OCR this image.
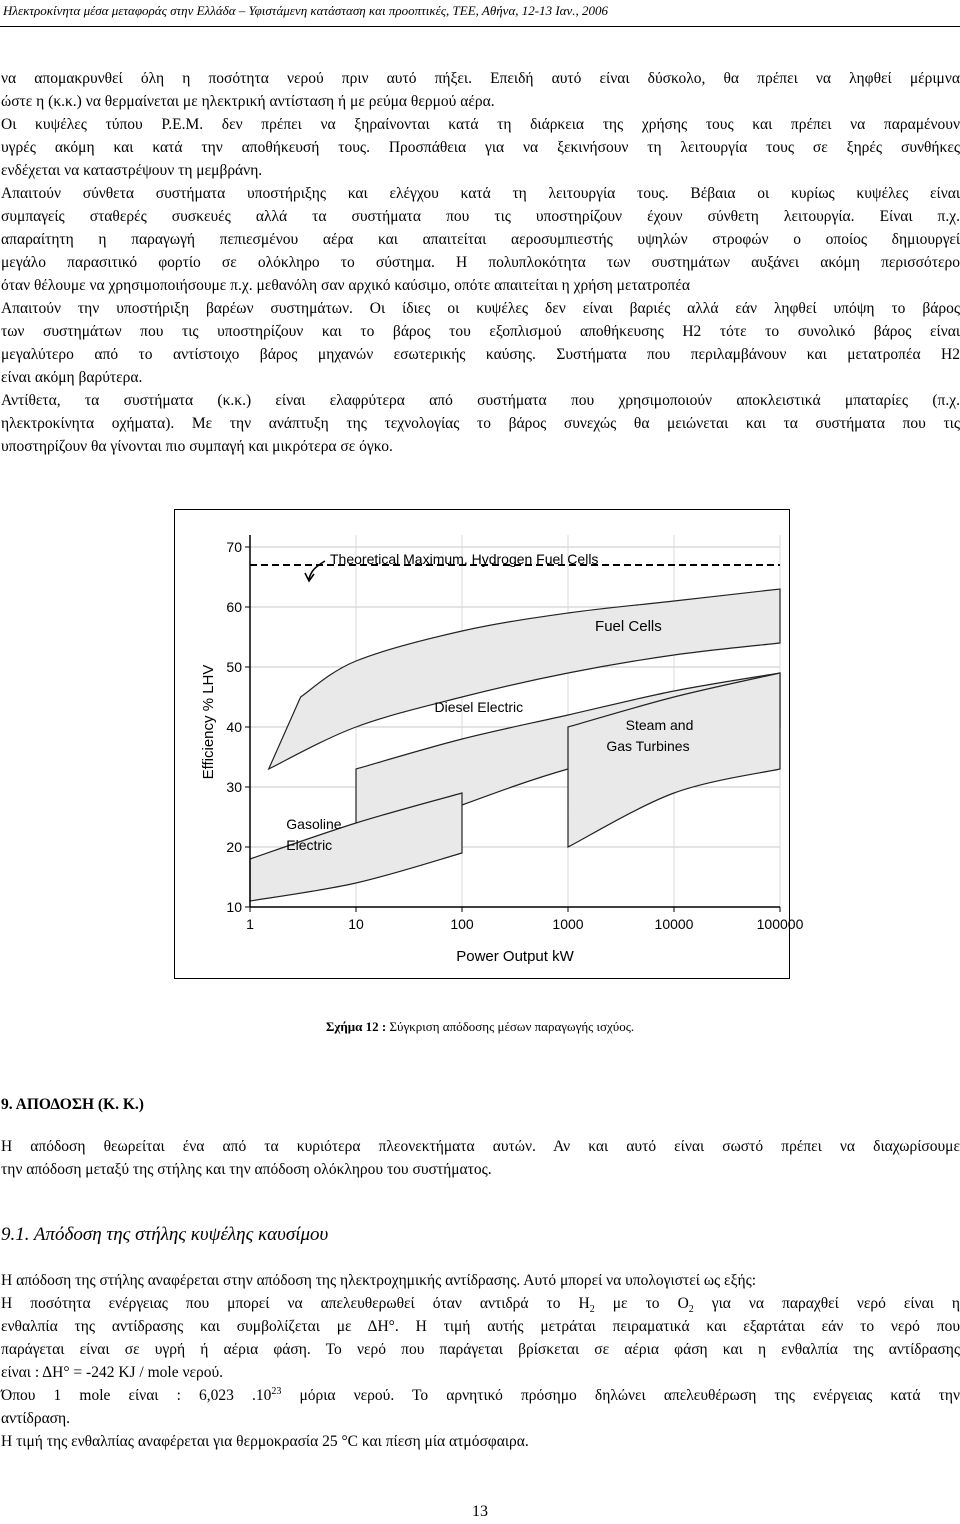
Ηλεκτροκίνητα μέσα μεταφοράς στην Ελλάδα – Υφιστάμενη κατάσταση και προοπτικές, ΤΕΕ, Αθήνα, 12-13 Ιαν., 2006
να απομακρυνθεί όλη η ποσότητα νερού πριν αυτό πήξει. Επειδή αυτό είναι δύσκολο, θα πρέπει να ληφθεί μέριμνα
ώστε η (κ.κ.) να θερμαίνεται με ηλεκτρική αντίσταση ή με ρεύμα θερμού αέρα.
Οι κυψέλες τύπου P.E.M. δεν πρέπει να ξηραίνονται κατά τη διάρκεια της χρήσης τους και πρέπει να παραμένουν
υγρές ακόμη και κατά την αποθήκευσή τους. Προσπάθεια για να ξεκινήσουν τη λειτουργία τους σε ξηρές συνθήκες
ενδέχεται να καταστρέψουν τη μεμβράνη.
Απαιτούν σύνθετα συστήματα υποστήριξης και ελέγχου κατά τη λειτουργία τους. Βέβαια οι κυρίως κυψέλες είναι
συμπαγείς σταθερές συσκευές αλλά τα συστήματα που τις υποστηρίζουν έχουν σύνθετη λειτουργία. Είναι π.χ.
απαραίτητη η παραγωγή πεπιεσμένου αέρα και απαιτείται αεροσυμπιεστής υψηλών στροφών ο οποίος δημιουργεί
μεγάλο παρασιτικό φορτίο σε ολόκληρο το σύστημα. Η πολυπλοκότητα των συστημάτων αυξάνει ακόμη περισσότερο
όταν θέλουμε να χρησιμοποιήσουμε π.χ. μεθανόλη σαν αρχικό καύσιμο, οπότε απαιτείται η χρήση μετατροπέα
Απαιτούν την υποστήριξη βαρέων συστημάτων. Οι ίδιες οι κυψέλες δεν είναι βαριές αλλά εάν ληφθεί υπόψη το βάρος
των συστημάτων που τις υποστηρίζουν και το βάρος του εξοπλισμού αποθήκευσης Η2 τότε το συνολικό βάρος είναι
μεγαλύτερο από το αντίστοιχο βάρος μηχανών εσωτερικής καύσης. Συστήματα που περιλαμβάνουν και μετατροπέα Η2
είναι ακόμη βαρύτερα.
Αντίθετα, τα συστήματα (κ.κ.) είναι ελαφρύτερα από συστήματα που χρησιμοποιούν αποκλειστικά μπαταρίες (π.χ.
ηλεκτροκίνητα οχήματα). Με την ανάπτυξη της τεχνολογίας το βάρος συνεχώς θα μειώνεται και τα συστήματα που τις
υποστηρίζουν θα γίνονται πιο συμπαγή και μικρότερα σε όγκο.
10
20
30
40
50
60
70
1	10	100	1000	10000	100000
Theoretical Maximum, Hydrogen Fuel Cells
Fuel Cells
Diesel Electric
Steam and
Gas Turbines
Gasoline
Electric
Efficiency % LHV
Power Output kW
Σχήμα 12 : Σύγκριση απόδοσης μέσων παραγωγής ισχύος.
9. ΑΠΟΔΟΣΗ (Κ. Κ.)
Η απόδοση θεωρείται ένα από τα κυριότερα πλεονεκτήματα αυτών. Αν και αυτό είναι σωστό πρέπει να διαχωρίσουμε
την απόδοση μεταξύ της στήλης και την απόδοση ολόκληρου του συστήματος.
9.1. Απόδοση της στήλης κυψέλης καυσίμου
Η απόδοση της στήλης αναφέρεται στην απόδοση της ηλεκτροχημικής αντίδρασης. Αυτό μπορεί να υπολογιστεί ως εξής:
Η ποσότητα ενέργειας που μπορεί να απελευθερωθεί όταν αντιδρά το $H_2$ με το $O_2$ για να παραχθεί νερό είναι η
ενθαλπία της αντίδρασης και συμβολίζεται με ΔΗ°. Η τιμή αυτής μετράται πειραματικά και εξαρτάται εάν το νερό που
παράγεται είναι σε υγρή ή αέρια φάση. Το νερό που παράγεται βρίσκεται σε αέρια φάση και η ενθαλπία της αντίδρασης
είναι : ΔΗ° = -242 KJ / mole νερού.
Όπου 1 mole είναι : 6,023 $.10^{23}$ μόρια νερού. Το αρνητικό πρόσημο δηλώνει απελευθέρωση της ενέργειας κατά την
αντίδραση.
Η τιμή της ενθαλπίας αναφέρεται για θερμοκρασία 25 °C και πίεση μία ατμόσφαιρα.
13
